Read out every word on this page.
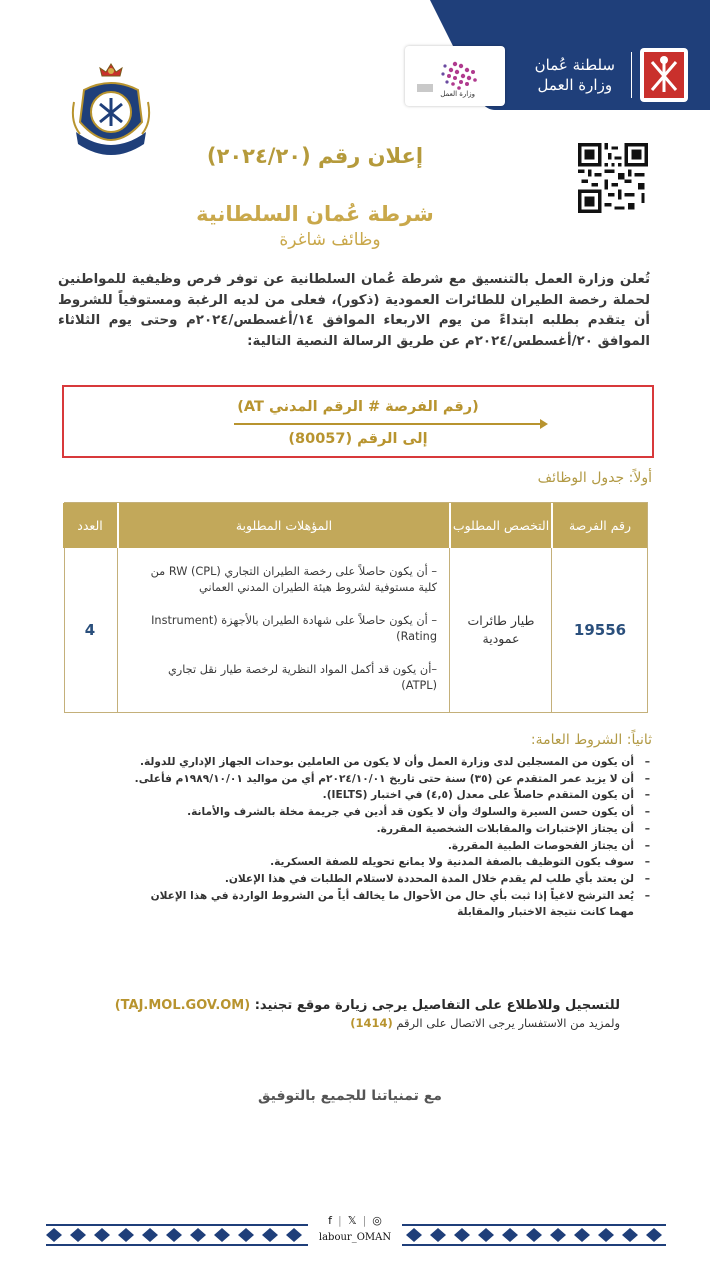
سلطنة عُمان
وزارة العمل
وزارة العمل
إعلان رقم (٢٠٢٤/٢٠)
شرطة عُمان السلطانية
وظائف شاغرة
تُعلن وزارة العمل بالتنسيق مع شرطة عُمان السلطانية عن توفر فرص وظيفية للمواطنين لحملة رخصة الطيران للطائرات العمودية (ذكور)، فعلى من لديه الرغبة ومستوفياً للشروط أن يتقدم بطلبه ابتداءً من يوم الاربعاء الموافق ١٤/أغسطس/٢٠٢٤م وحتى يوم الثلاثاء الموافق ٢٠/أغسطس/٢٠٢٤م عن طريق الرسالة النصية التالية:
(رقم الفرصة # الرقم المدني AT)
إلى الرقم (80057)
أولاً: جدول الوظائف
رقم الفرصة
التخصص المطلوب
المؤهلات المطلوبة
العدد
19556
طيار طائرات عمودية

– أن يكون حاصلاً على رخصة الطيران التجاري RW (CPL) من كلية مستوفية لشروط هيئة الطيران المدني العماني

– أن يكون حاصلاً على شهادة الطيران بالأجهزة (Instrument Rating)

–أن يكون قد أكمل المواد النظرية لرخصة طيار نقل تجاري (ATPL)

4
ثانياً: الشروط العامة:
– أن يكون من المسجلين لدى وزارة العمل وأن لا يكون من العاملين بوحدات الجهاز الإداري للدولة.
– أن لا يزيد عمر المتقدم عن (٣٥) سنة حتى تاريخ ٢٠٢٤/١٠/٠١م أي من مواليد ١٩٨٩/١٠/٠١م فأعلى.
– أن يكون المتقدم حاصلاً على معدل (٤,٥) في اختبار (IELTS).
– أن يكون حسن السيرة والسلوك وأن لا يكون قد أدين في جريمة مخلة بالشرف والأمانة.
– أن يجتاز الإختبارات والمقابلات الشخصية المقررة.
– أن يجتاز الفحوصات الطبية المقررة.
– سوف يكون التوظيف بالصفة المدنية ولا يمانع تحويله للصفة العسكرية.
– لن يعتد بأي طلب لم يقدم خلال المدة المحددة لاستلام الطلبات في هذا الإعلان.
– يُعد الترشح لاغياً إذا ثبت بأي حال من الأحوال ما يخالف أياً من الشروط الواردة في هذا الإعلان
مهما كانت نتيجة الاختبار والمقابلة
للتسجيل وللاطلاع على التفاصيل يرجى زيارة موقع تجنيد: (TAJ.MOL.GOV.OM)
ولمزيد من الاستفسار يرجى الاتصال على الرقم (1414)
مع تمنياتنا للجميع بالتوفيق
f | 𝕏 | ◎
labour_OMAN
